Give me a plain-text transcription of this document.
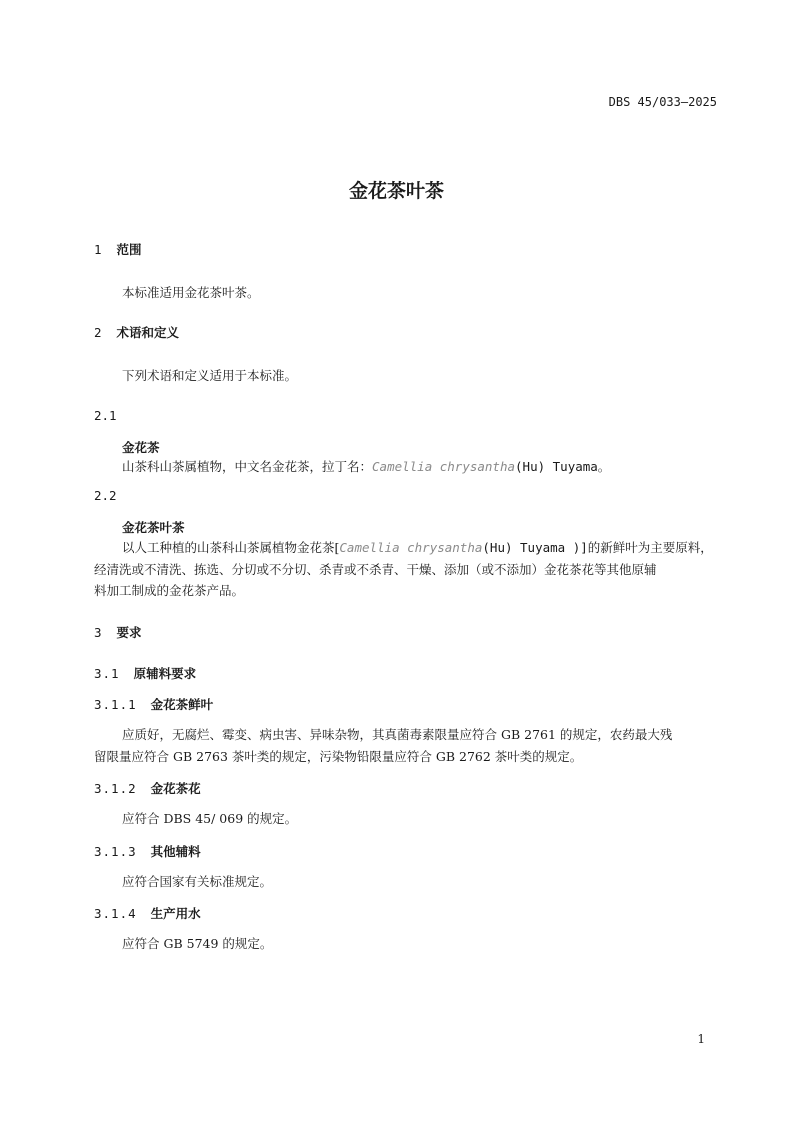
DBS 45/033—2025
金花茶叶茶
1 范围
本标准适用金花茶叶茶。
2 术语和定义
下列术语和定义适用于本标准。
2.1
金花茶
山茶科山茶属植物，中文名金花茶，拉丁名：Camellia chrysantha(Hu) Tuyama。
2.2
金花茶叶茶
以人工种植的山茶科山茶属植物金花茶[Camellia chrysantha(Hu) Tuyama )]的新鲜叶为主要原料，
经清洗或不清洗、拣选、分切或不分切、杀青或不杀青、干燥、添加（或不添加）金花茶花等其他原辅
料加工制成的金花茶产品。
3 要求
3.1 原辅料要求
3.1.1 金花茶鲜叶
应质好，无腐烂、霉变、病虫害、异味杂物，其真菌毒素限量应符合 GB 2761 的规定，农药最大残
留限量应符合 GB 2763 茶叶类的规定，污染物铅限量应符合 GB 2762 茶叶类的规定。
3.1.2 金花茶花
应符合 DBS 45/ 069 的规定。
3.1.3 其他辅料
应符合国家有关标准规定。
3.1.4 生产用水
应符合 GB 5749 的规定。
1
